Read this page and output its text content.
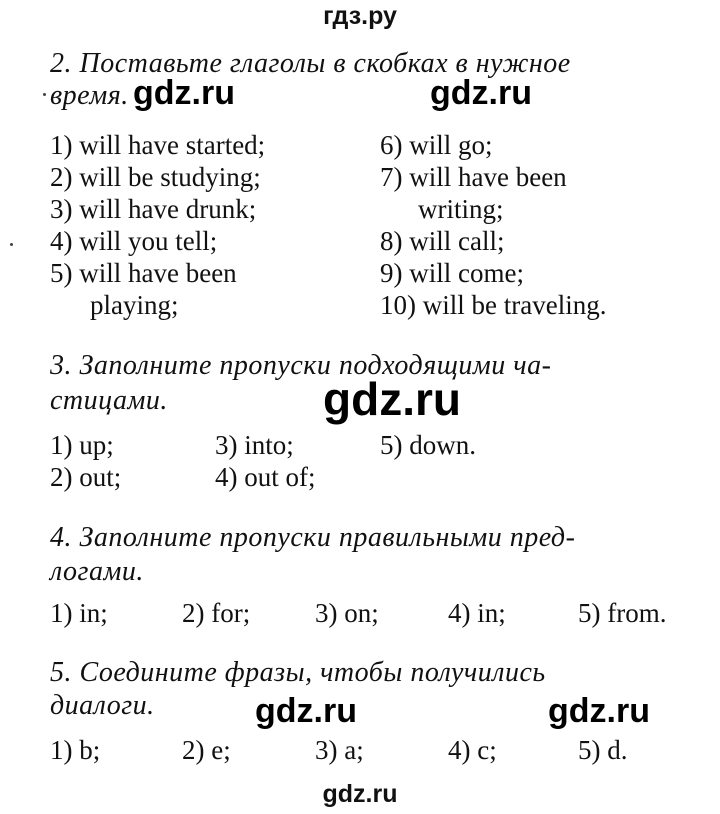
гдз.ру
2. Поставьте глаголы в скобках в нужное
время. gdz.ru	gdz.ru
1) will have started;
2) will be studying;
3) will have drunk;
4) will you tell;
5) will have been
playing;
6) will go;
7) will have been
writing;
8) will call;
9) will come;
10) will be traveling.
3. Заполните пропуски подходящими ча-
стицами.	gdz.ru
1) up;	3) into;	5) down.
2) out;	4) out of;
4. Заполните пропуски правильными пред-
логами.
1) in;	2) for; 3) on;	4) in;	5) from.
5. Соедините фразы, чтобы получились
диалоги.	gdz.ru	gdz.ru
1) b;	2) e;	3) a;	4) c;	5) d.
gdz.ru
